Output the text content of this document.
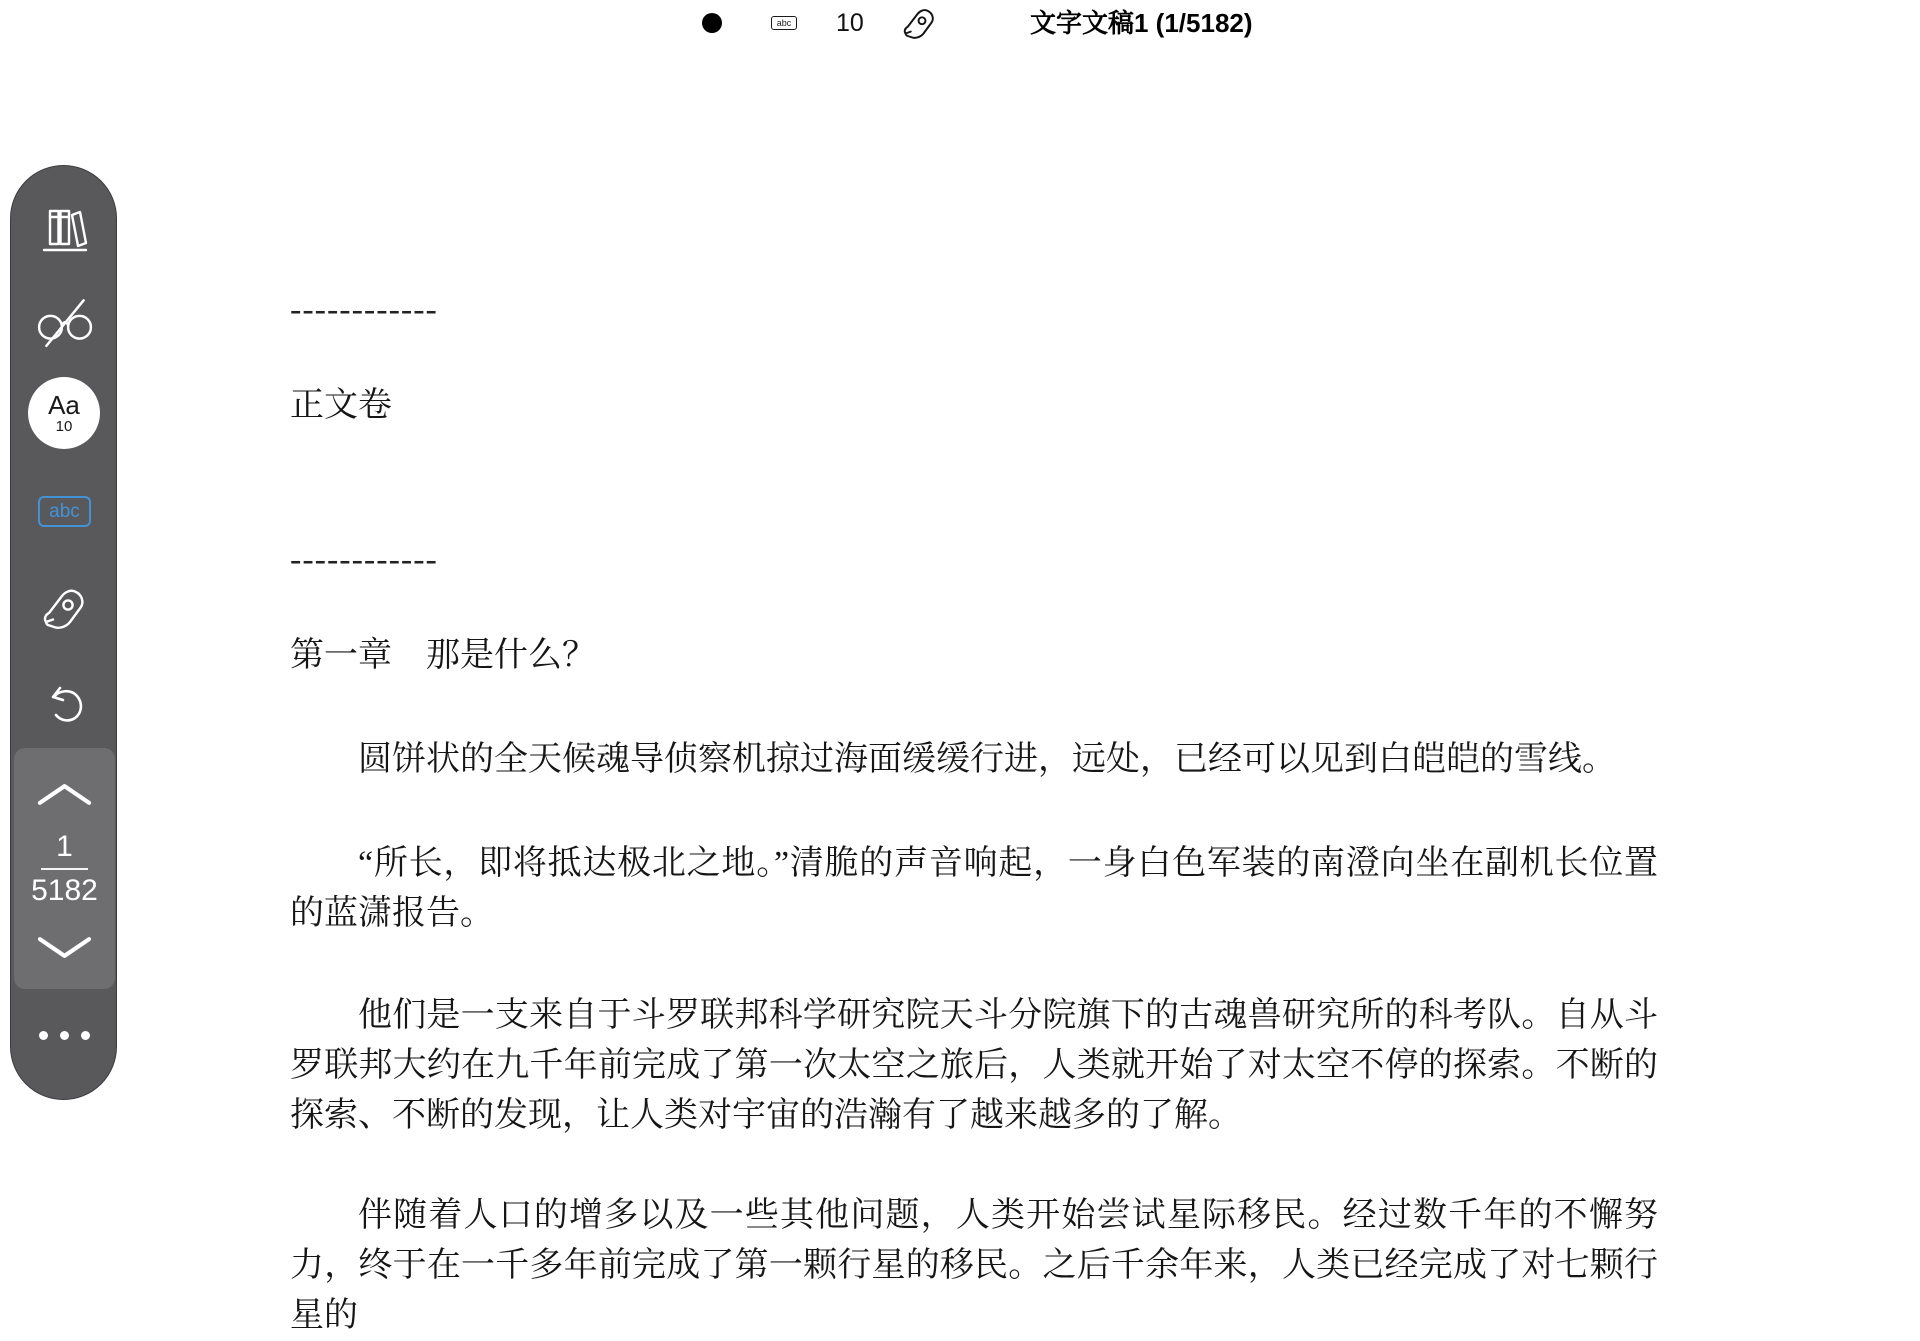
abc 10	文字文稿1 (1/5182)
Aa
10
abc
1
5182

------------

正文卷

------------

第一章　那是什么？

圆饼状的全天候魂导侦察机掠过海面缓缓行进，远处，已经可以见到白皑皑的雪线。

“所长，即将抵达极北之地。”清脆的声音响起，一身白色军装的南澄向坐在副机长位置的蓝潇报告。

他们是一支来自于斗罗联邦科学研究院天斗分院旗下的古魂兽研究所的科考队。自从斗罗联邦大约在九千年前完成了第一次太空之旅后，人类就开始了对太空不停的探索。不断的探索、不断的发现，让人类对宇宙的浩瀚有了越来越多的了解。

伴随着人口的增多以及一些其他问题，人类开始尝试星际移民。经过数千年的不懈努力，终于在一千多年前完成了第一颗行星的移民。之后千余年来，人类已经完成了对七颗行星的
